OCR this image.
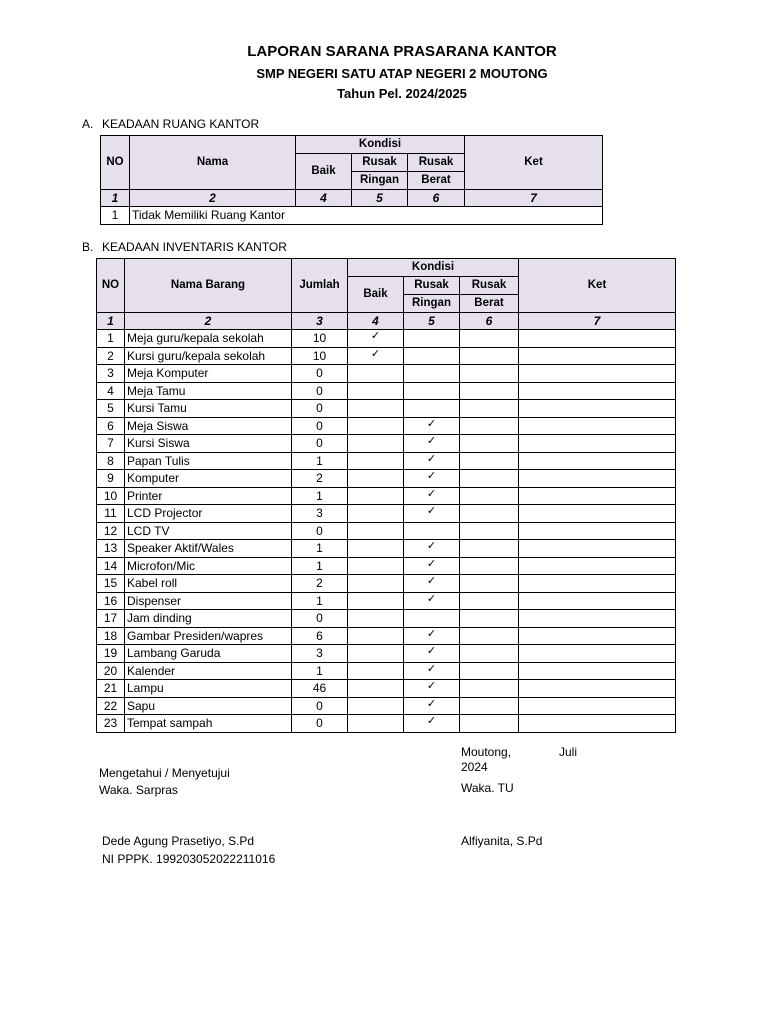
LAPORAN SARANA PRASARANA KANTOR
SMP NEGERI SATU ATAP NEGERI 2 MOUTONG
Tahun Pel. 2024/2025
A. KEADAAN RUANG KANTOR
NO	Nama	Kondisi			Ket
		Baik	Rusak	Rusak	
			Ringan	Berat	
1	2	4	5	6	7
1	Tidak Memiliki Ruang Kantor				
B. KEADAAN INVENTARIS KANTOR
NO	Nama Barang	Jumlah	Kondisi			Ket
			Baik	Rusak	Rusak	
				Ringan	Berat	
1	2	3	4	5	6	7
1	Meja guru/kepala sekolah	10	✓			
2	Kursi guru/kepala sekolah	10	✓			
3	Meja Komputer	0				
4	Meja Tamu	0				
5	Kursi Tamu	0				
6	Meja Siswa	0		✓		
7	Kursi Siswa	0		✓		
8	Papan Tulis	1		✓		
9	Komputer	2		✓		
10	Printer	1		✓		
11	LCD Projector	3		✓		
12	LCD TV	0				
13	Speaker Aktif/Wales	1		✓		
14	Microfon/Mic	1		✓		
15	Kabel roll	2		✓		
16	Dispenser	1		✓		
17	Jam dinding	0				
18	Gambar Presiden/wapres	6		✓		
19	Lambang Garuda	3		✓		
20	Kalender	1		✓		
21	Lampu	46		✓		
22	Sapu	0		✓		
23	Tempat sampah	0		✓		
Moutong,	Juli
2024
Mengetahui / Menyetujui
Waka. Sarpras	Waka. TU
Dede Agung Prasetiyo, S.Pd	Alfiyanita, S.Pd
NI PPPK. 199203052022211016
